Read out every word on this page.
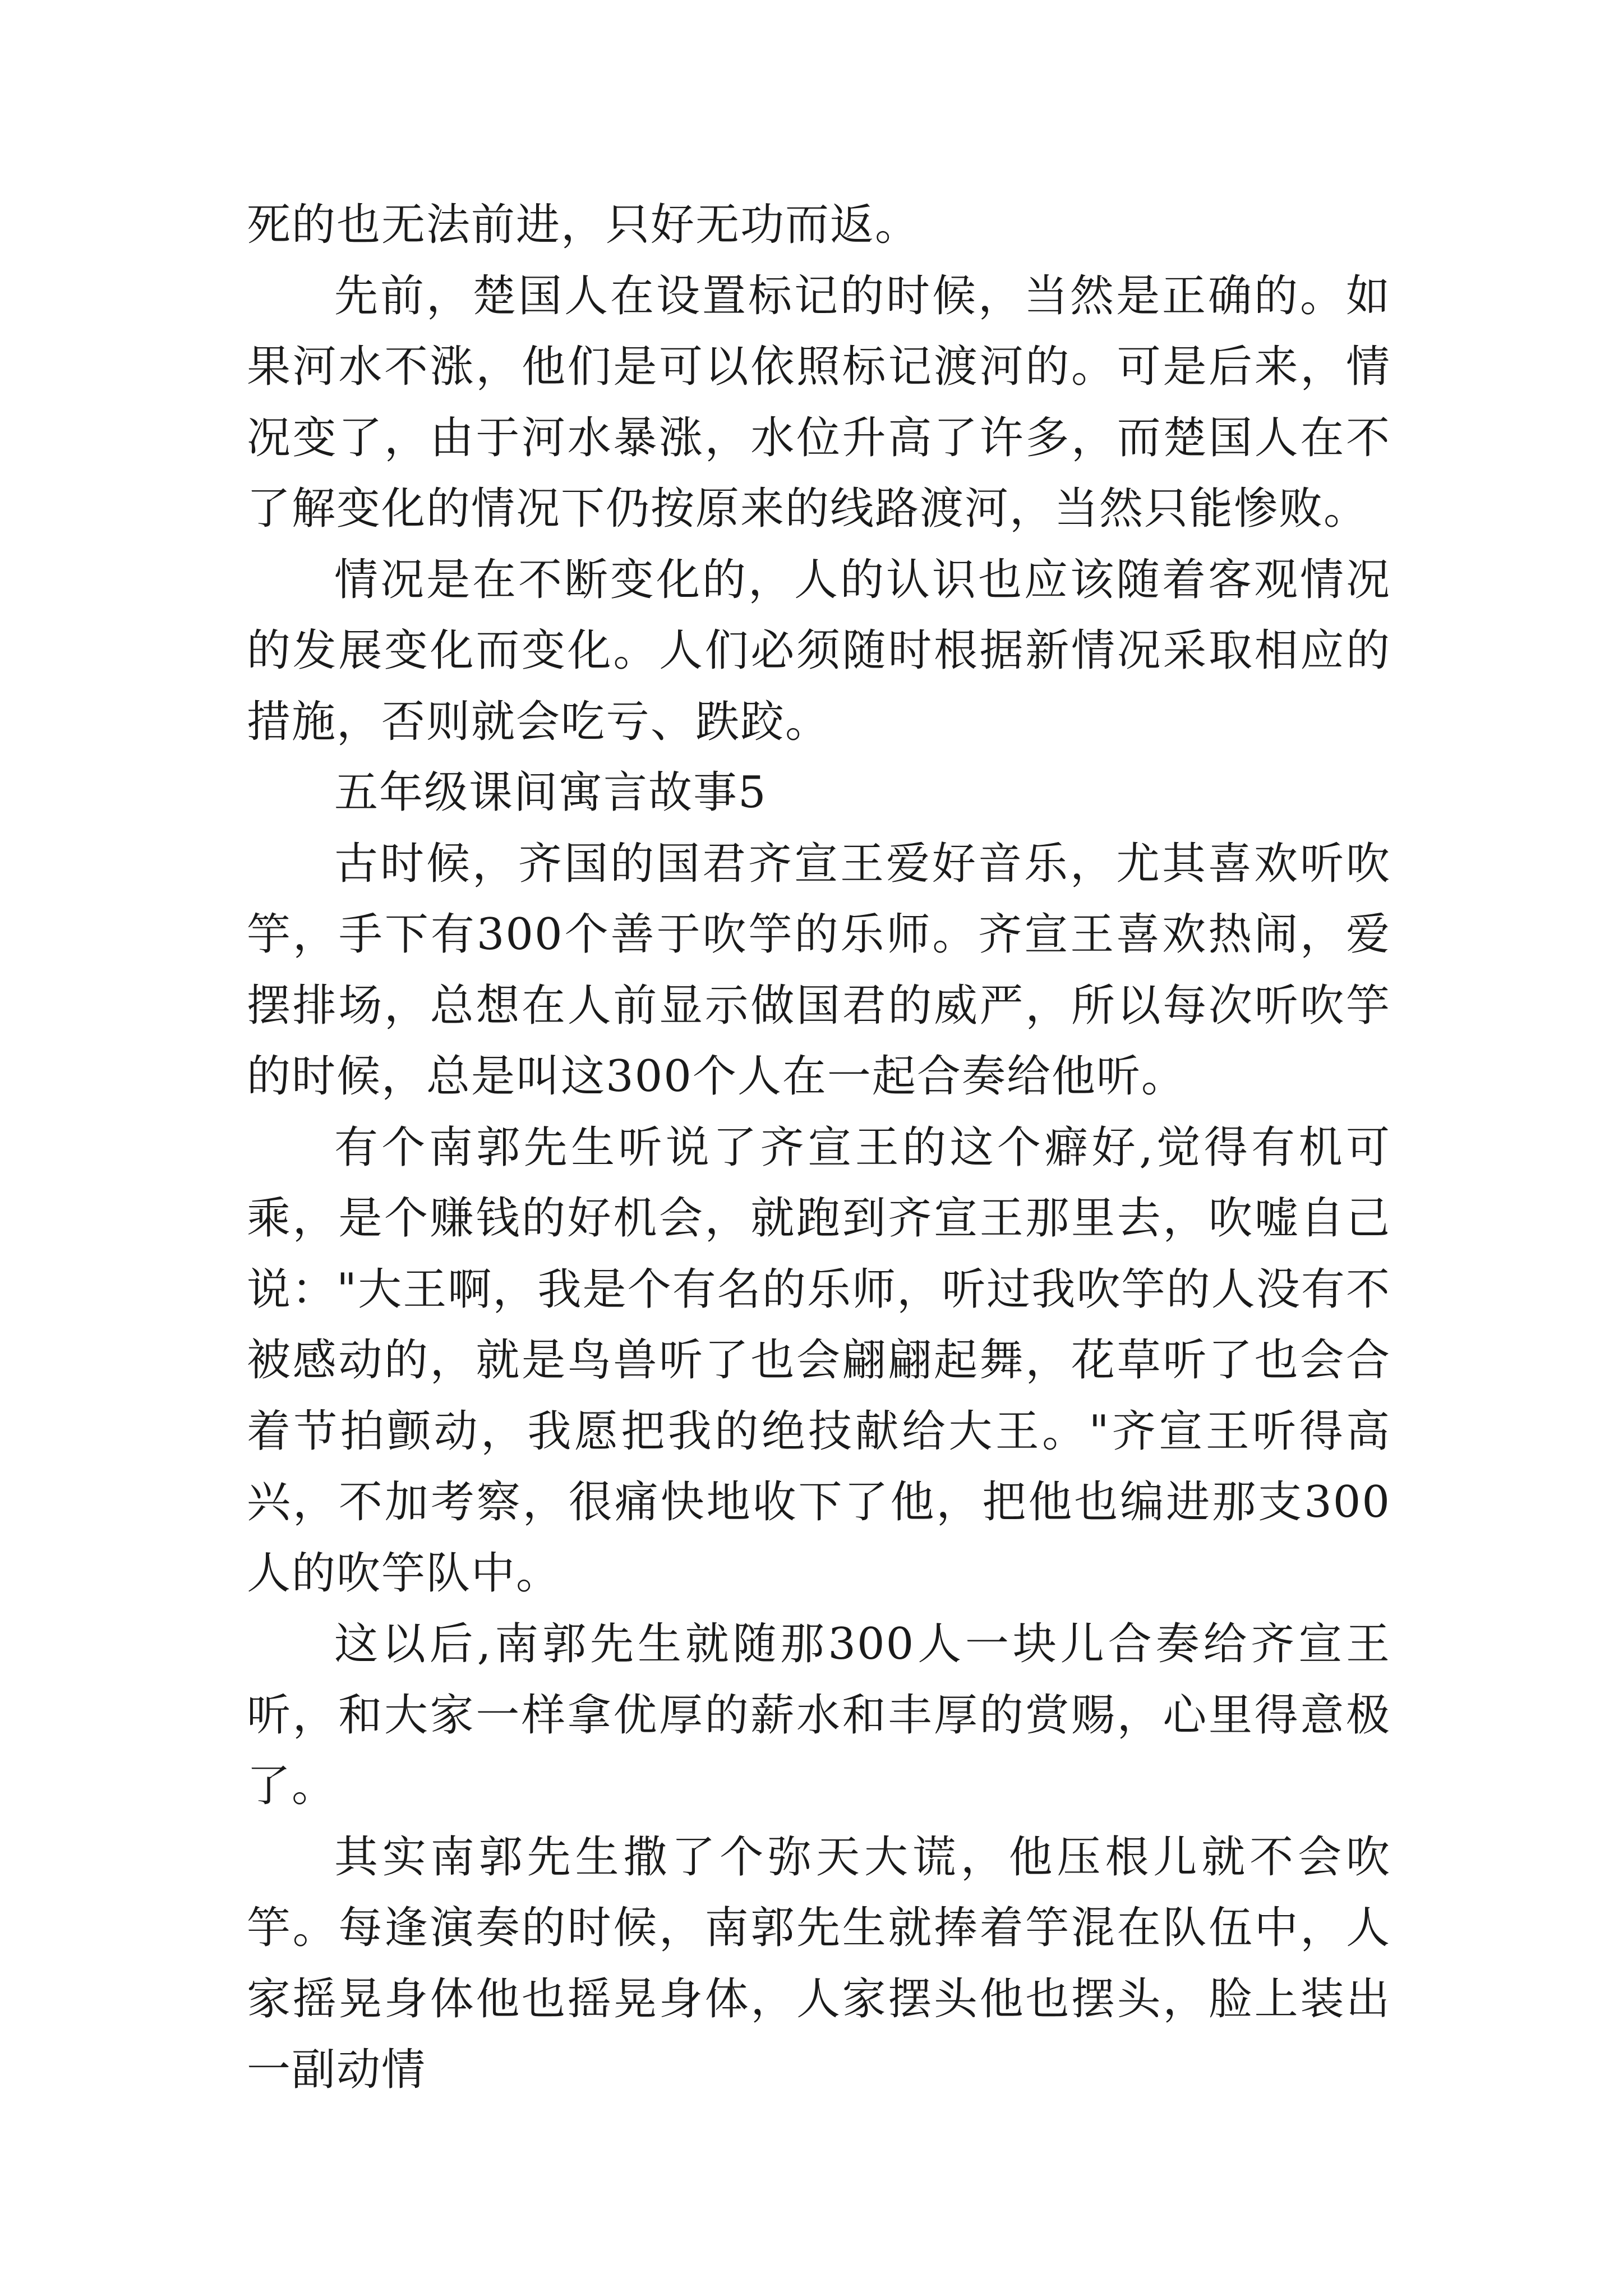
死的也无法前进，只好无功而返。

先前，楚国人在设置标记的时候，当然是正确的。如果河水不涨，他们是可以依照标记渡河的。可是后来，情况变了，由于河水暴涨，水位升高了许多，而楚国人在不了解变化的情况下仍按原来的线路渡河，当然只能惨败。

情况是在不断变化的，人的认识也应该随着客观情况的发展变化而变化。人们必须随时根据新情况采取相应的措施，否则就会吃亏、跌跤。

五年级课间寓言故事5

古时候，齐国的国君齐宣王爱好音乐，尤其喜欢听吹竽，手下有300个善于吹竽的乐师。齐宣王喜欢热闹，爱摆排场，总想在人前显示做国君的威严，所以每次听吹竽的时候，总是叫这300个人在一起合奏给他听。

有个南郭先生听说了齐宣王的这个癖好,觉得有机可乘，是个赚钱的好机会，就跑到齐宣王那里去，吹嘘自己说："大王啊，我是个有名的乐师，听过我吹竽的人没有不被感动的，就是鸟兽听了也会翩翩起舞，花草听了也会合着节拍颤动，我愿把我的绝技献给大王。"齐宣王听得高兴，不加考察，很痛快地收下了他，把他也编进那支300人的吹竽队中。

这以后,南郭先生就随那300人一块儿合奏给齐宣王听，和大家一样拿优厚的薪水和丰厚的赏赐，心里得意极了。

其实南郭先生撒了个弥天大谎，他压根儿就不会吹竽。每逢演奏的时候，南郭先生就捧着竽混在队伍中，人家摇晃身体他也摇晃身体，人家摆头他也摆头，脸上装出一副动情
